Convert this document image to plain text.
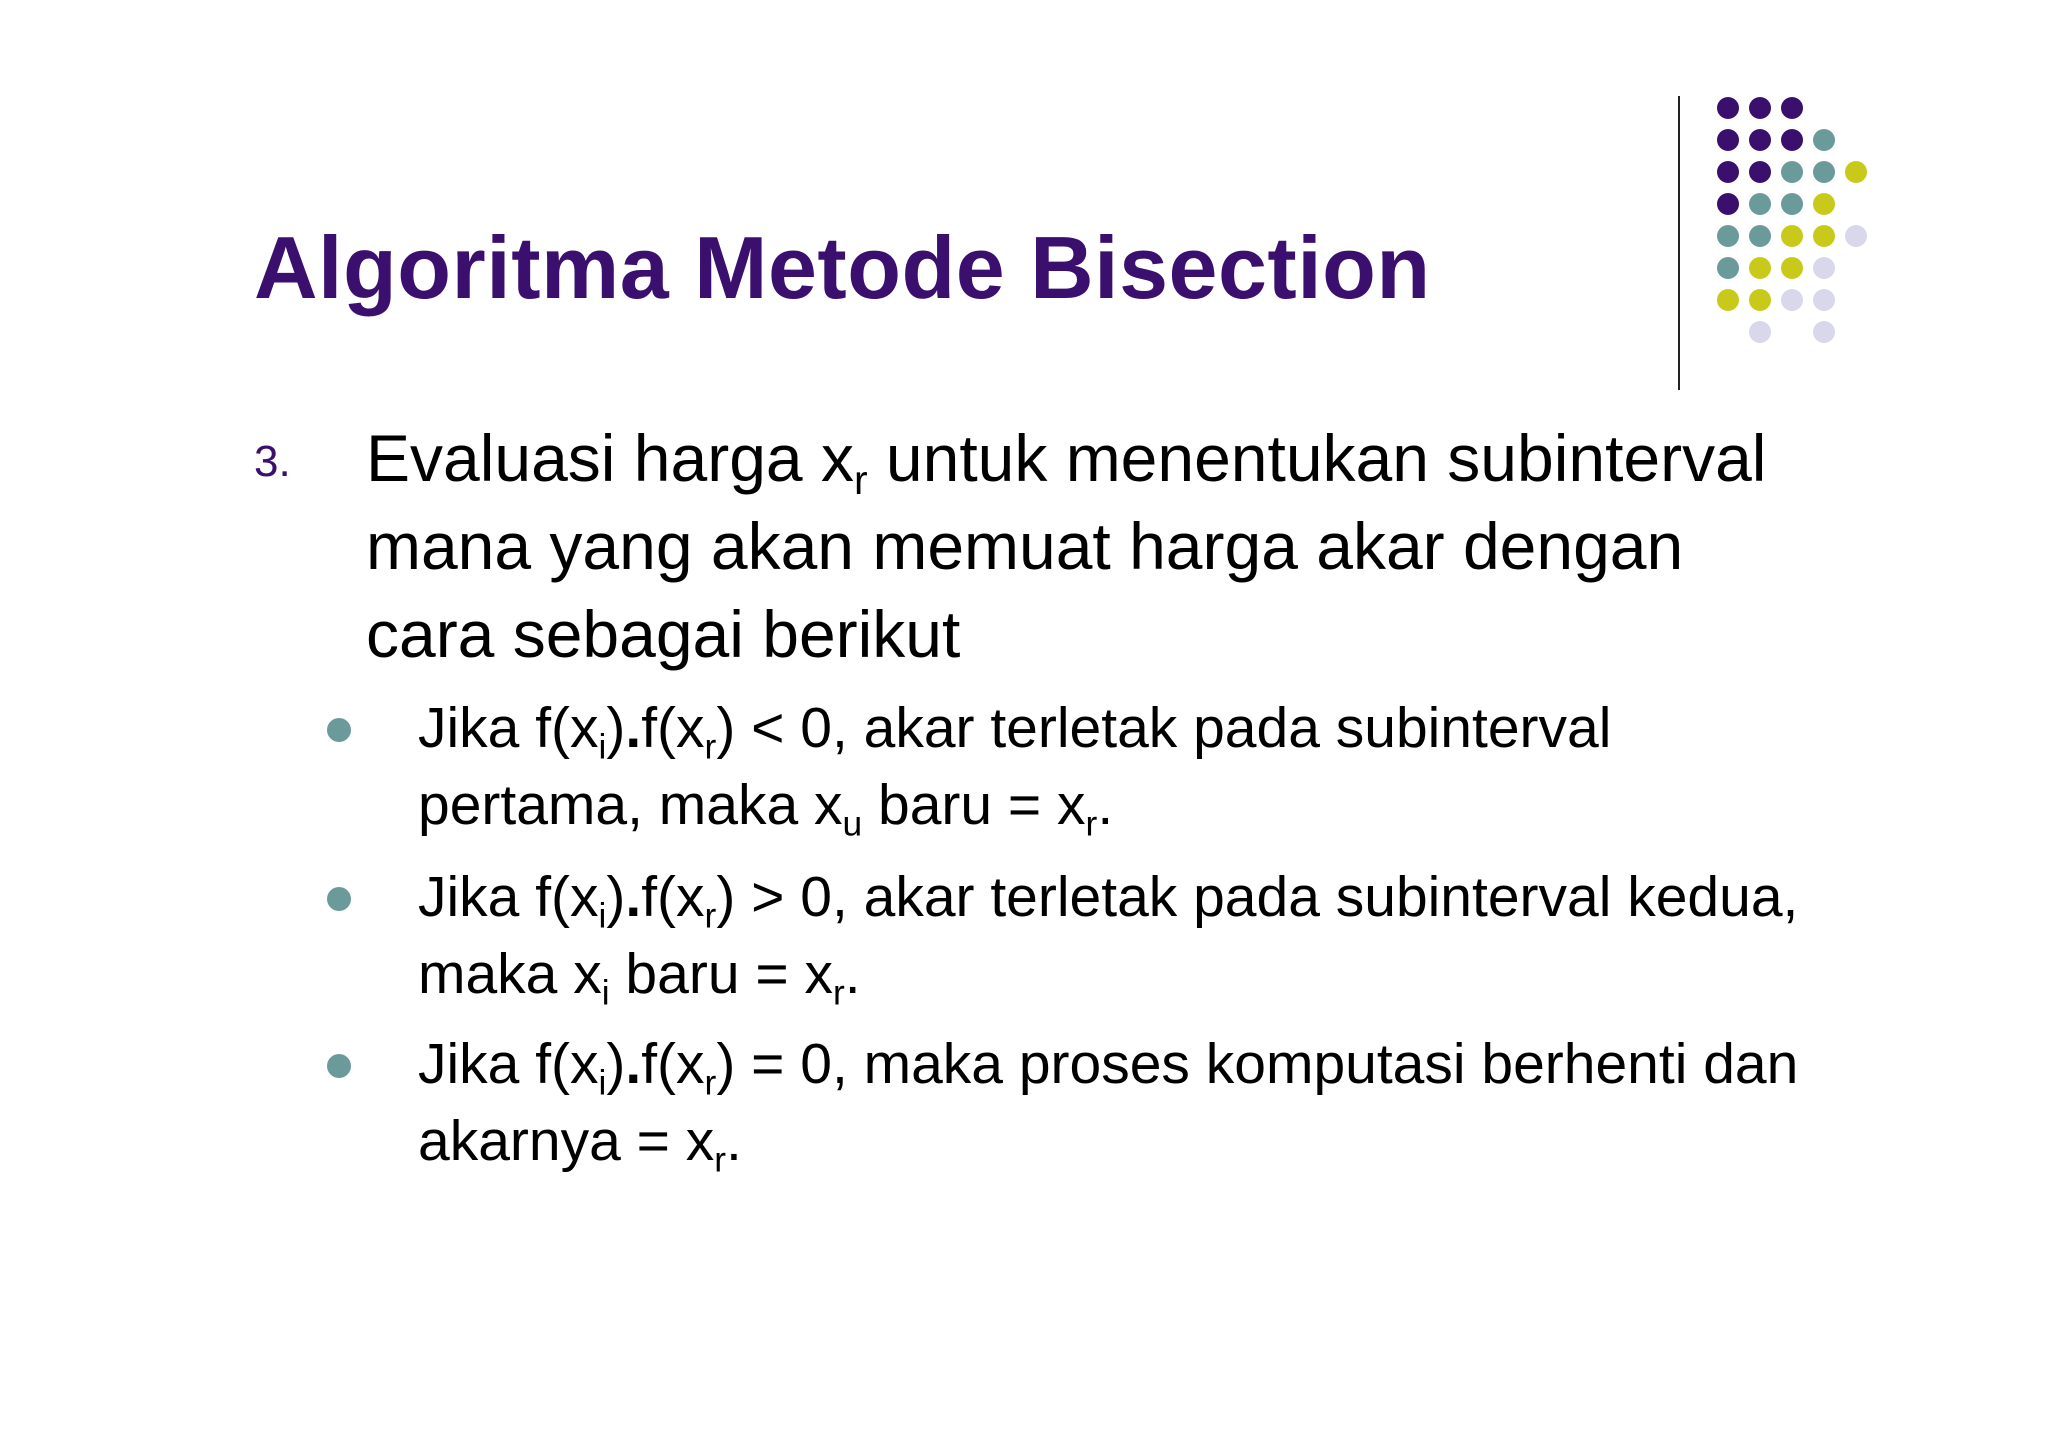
Algoritma Metode Bisection
3. Evaluasi harga $x_r$ untuk menentukan subinterval mana yang akan memuat harga akar dengan cara sebagai berikut
Jika $f(x_i).f(x_r) < 0$, akar terletak pada subinterval pertama, maka $x_u$ baru = $x_r$.
Jika $f(x_i).f(x_r) > 0$, akar terletak pada subinterval kedua, maka $x_i$ baru = $x_r$.
Jika $f(x_i).f(x_r) = 0$, maka proses komputasi berhenti dan akarnya = $x_r$.
